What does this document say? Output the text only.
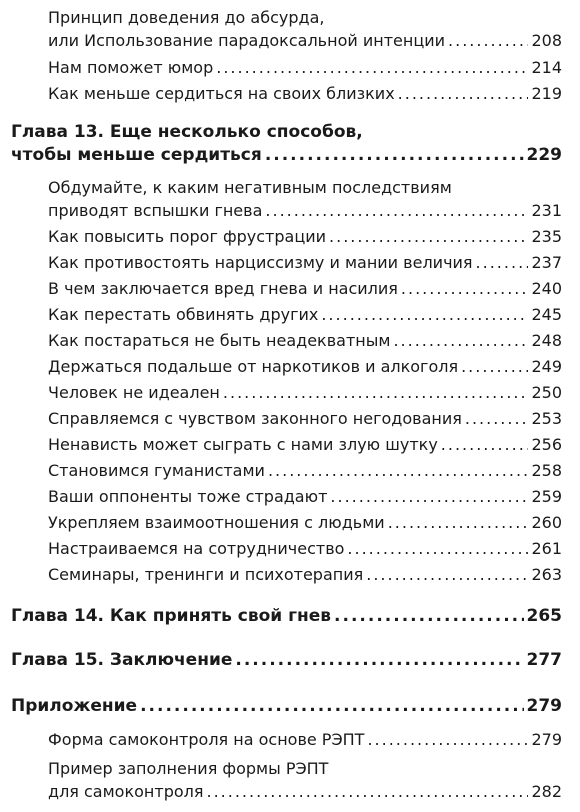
Принцип доведения до абсурда,
или Использование парадоксальной интенции .....	208
Нам поможет юмор .....	214
Как меньше сердиться на своих близких .....	219
Глава 13. Еще несколько способов,
чтобы меньше сердиться .....	229
Обдумайте, к каким негативным последствиям
приводят вспышки гнева .....	231
Как повысить порог фрустрации .....	235
Как противостоять нарциссизму и мании величия .....	237
В чем заключается вред гнева и насилия .....	240
Как перестать обвинять других .....	245
Как постараться не быть неадекватным .....	248
Держаться подальше от наркотиков и алкоголя .....	249
Человек не идеален .....	250
Справляемся с чувством законного негодования .....	253
Ненависть может сыграть с нами злую шутку .....	256
Становимся гуманистами .....	258
Ваши оппоненты тоже страдают .....	259
Укрепляем взаимоотношения с людьми .....	260
Настраиваемся на сотрудничество .....	261
Семинары, тренинги и психотерапия .....	263
Глава 14. Как принять свой гнев .....	265
Глава 15. Заключение .....	277
Приложение .....	279
Форма самоконтроля на основе РЭПТ .....	279
Пример заполнения формы РЭПТ
для самоконтроля .....	282
